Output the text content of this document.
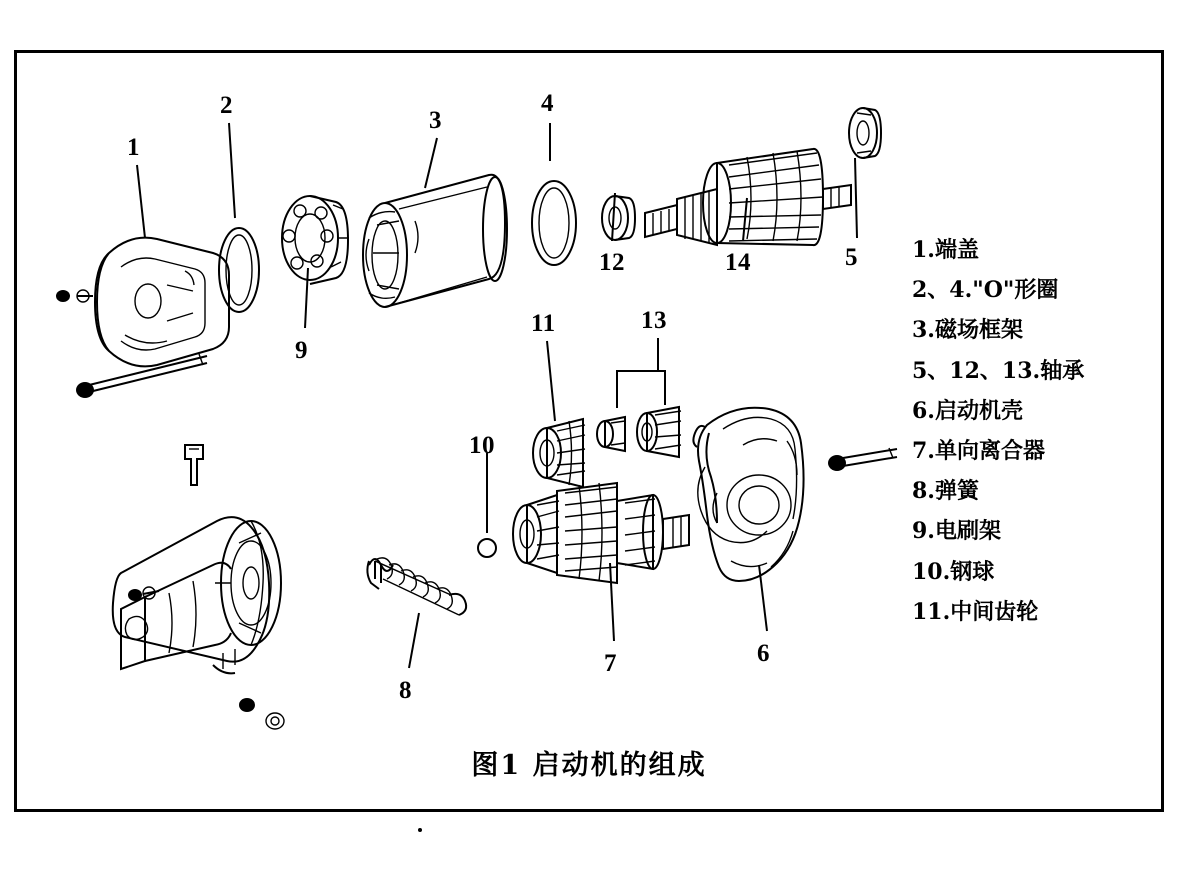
1
2
3
4
5
6
7
8
9
10
11
12
13
14	1.端盖
2、4."O"形圈
3.磁场框架
5、12、13.轴承
6.启动机壳
7.单向离合器
8.弹簧
9.电刷架
10.钢球
11.中间齿轮
图1 启动机的组成
